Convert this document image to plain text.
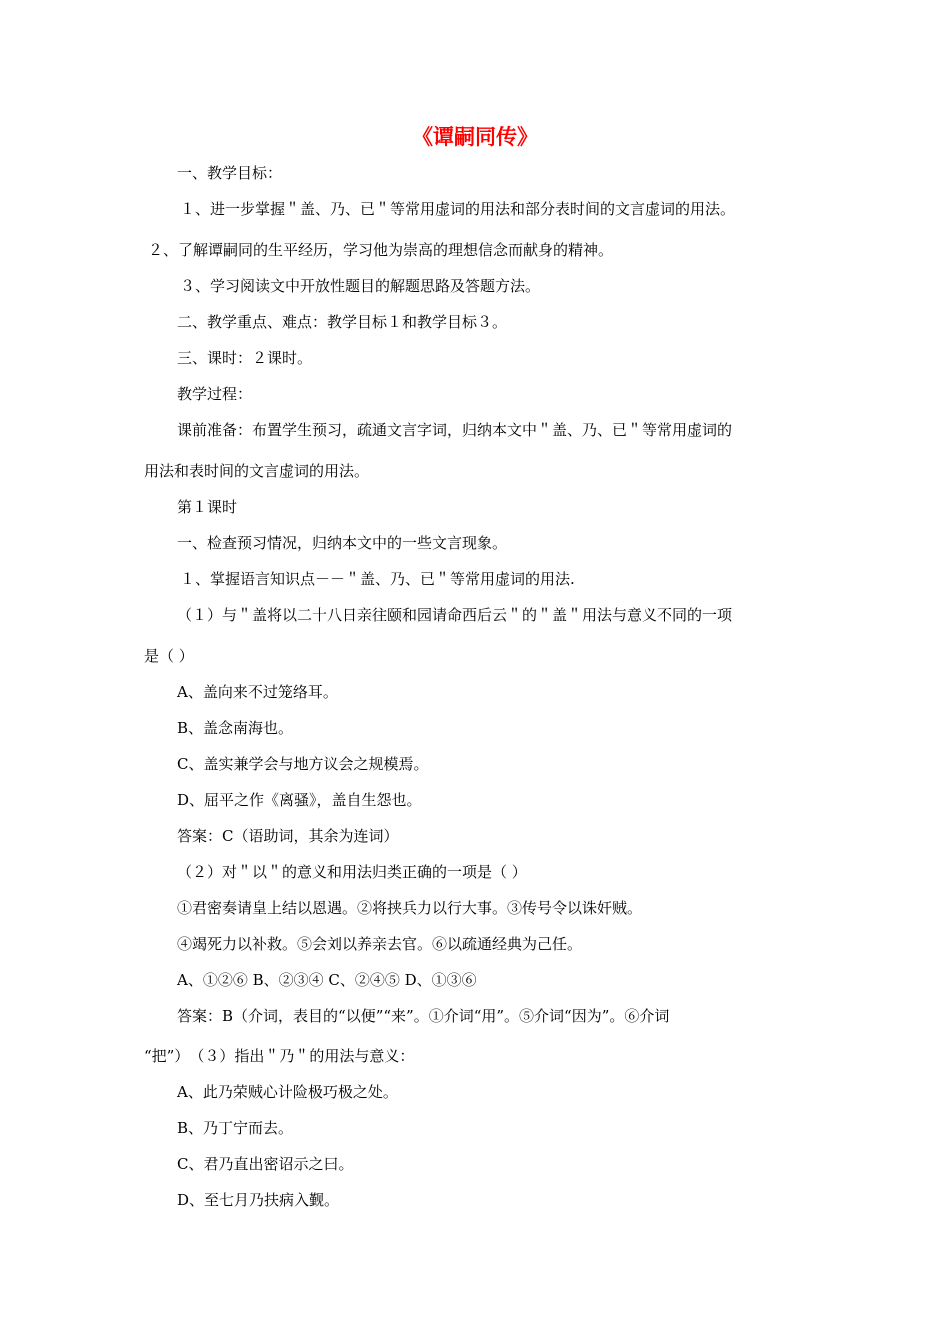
《谭嗣同传》

一、教学目标：

１、进一步掌握＂盖、乃、已＂等常用虚词的用法和部分表时间的文言虚词的用法。

２、了解谭嗣同的生平经历，学习他为崇高的理想信念而献身的精神。

３、学习阅读文中开放性题目的解题思路及答题方法。

二、教学重点、难点：教学目标１和教学目标３。

三、课时：２课时。

教学过程：

课前准备：布置学生预习，疏通文言字词，归纳本文中＂盖、乃、已＂等常用虚词的

用法和表时间的文言虚词的用法。

第１课时

一、检查预习情况，归纳本文中的一些文言现象。

１、掌握语言知识点－－＂盖、乃、已＂等常用虚词的用法.

（１）与＂盖将以二十八日亲往颐和园请命西后云＂的＂盖＂用法与意义不同的一项

是（ ）

A、盖向来不过笼络耳。

B、盖念南海也。

C、盖实兼学会与地方议会之规模焉。

D、屈平之作《离骚》，盖自生怨也。

答案：C（语助词，其余为连词）

（２）对＂以＂的意义和用法归类正确的一项是（ ）

①君密奏请皇上结以恩遇。②将挟兵力以行大事。③传号令以诛奸贼。

④竭死力以补救。⑤会刘以养亲去官。⑥以疏通经典为己任。

A、①②⑥ B、②③④ C、②④⑤ D、①③⑥

答案：B（介词，表目的“以便”“来”。①介词“用”。⑤介词“因为”。⑥介词

“把”）　（３）指出＂乃＂的用法与意义：

A、此乃荣贼心计险极巧极之处。

B、乃丁宁而去。

C、君乃直出密诏示之曰。

D、至七月乃扶病入觐。
